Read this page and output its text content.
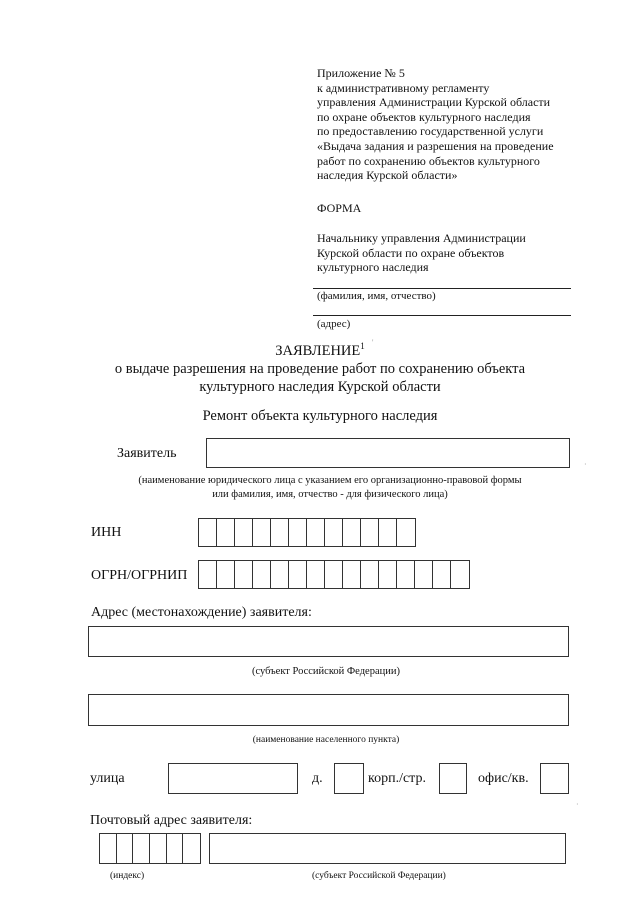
Приложение № 5
к административному регламенту
управления Администрации Курской области
по охране объектов культурного наследия
по предоставлению государственной услуги
«Выдача задания и разрешения на проведение
работ по сохранению объектов культурного
наследия Курской области»
ФОРМА
Начальнику управления Администрации
Курской области по охране объектов
культурного наследия
(фамилия, имя, отчество)
(адрес)
ЗАЯВЛЕНИЕ$^1$
о выдаче разрешения на проведение работ по сохранению объекта
культурного наследия Курской области
Ремонт объекта культурного наследия
Заявитель
(наименование юридического лица с указанием его организационно-правовой формы
или фамилия, имя, отчество - для физического лица)
ИНН
ОГРН/ОГРНИП
Адрес (местонахождение) заявителя:
(субъект Российской Федерации)
(наименование населенного пункта)
улица	д.	корп./стр.	офис/кв.
Почтовый адрес заявителя:
(индекс)	(субъект Российской Федерации)
'
·
·
